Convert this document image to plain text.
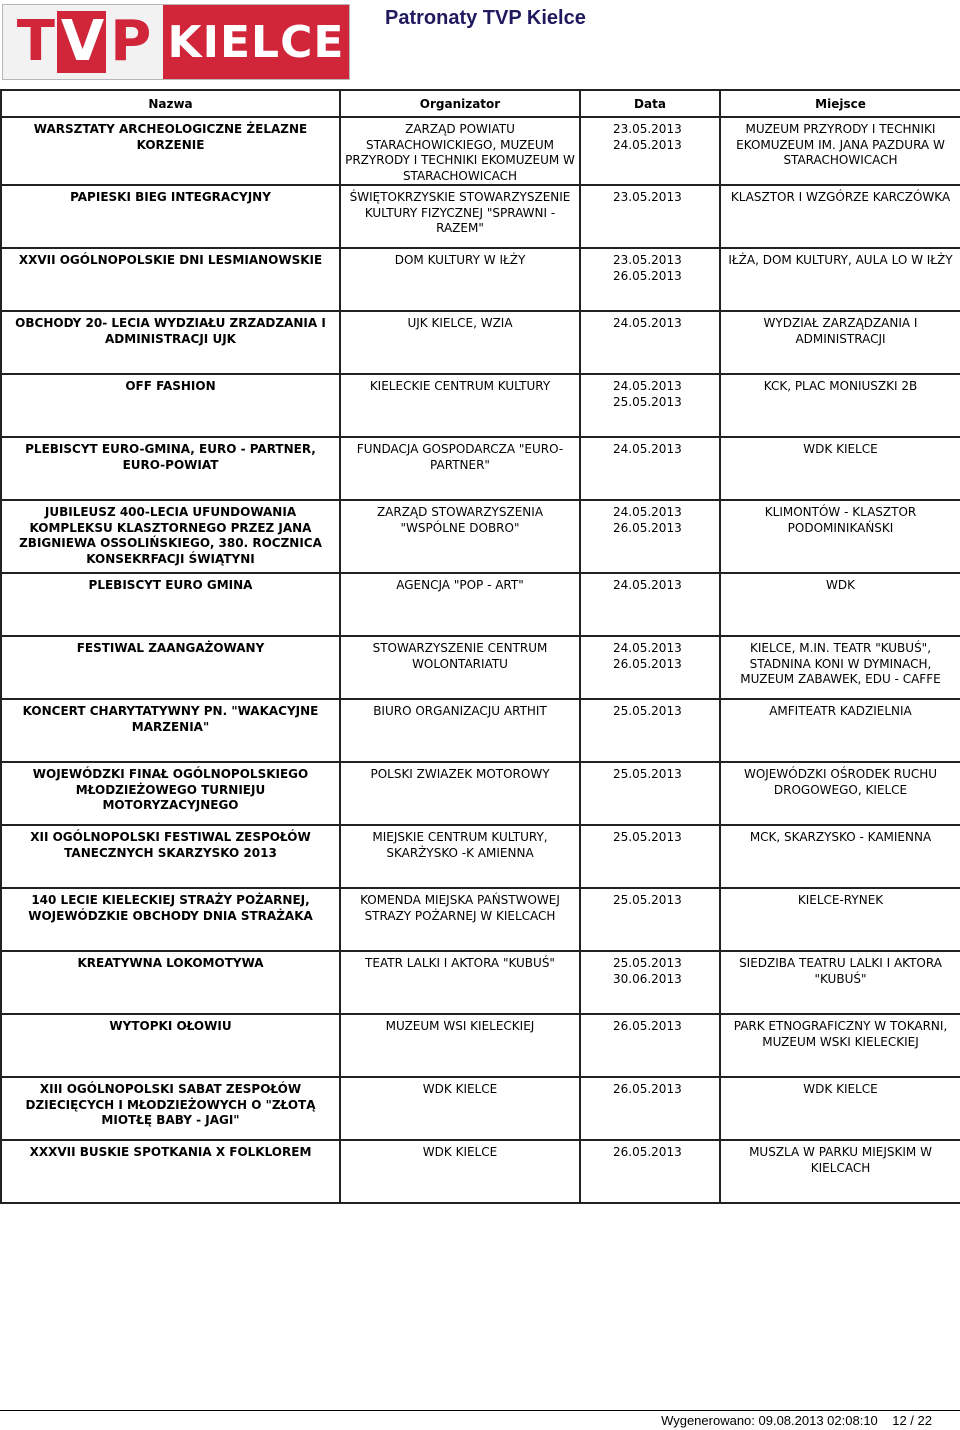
T V P KIELCE Patronaty TVP Kielce
Nazwa	Organizator	Data	Miejsce
WARSZTATY ARCHEOLOGICZNE ŻELAZNE KORZENIE	ZARZĄD POWIATU STARACHOWICKIEGO, MUZEUM PRZYRODY I TECHNIKI EKOMUZEUM W STARACHOWICACH	23.05.2013 24.05.2013	MUZEUM PRZYRODY I TECHNIKI EKOMUZEUM IM. JANA PAZDURA W STARACHOWICACH
PAPIESKI BIEG INTEGRACYJNY	ŚWIĘTOKRZYSKIE STOWARZYSZENIE KULTURY FIZYCZNEJ "SPRAWNI - RAZEM"	23.05.2013	KLASZTOR I WZGÓRZE KARCZÓWKA
XXVII OGÓLNOPOLSKIE DNI LESMIANOWSKIE	DOM KULTURY W IŁŻY	23.05.2013 26.05.2013	IŁŻA, DOM KULTURY, AULA LO W IŁŻY
OBCHODY 20- LECIA WYDZIAŁU ZRZADZANIA I ADMINISTRACJI UJK	UJK KIELCE, WZIA	24.05.2013	WYDZIAŁ ZARZĄDZANIA I ADMINISTRACJI
OFF FASHION	KIELECKIE CENTRUM KULTURY	24.05.2013 25.05.2013	KCK, PLAC MONIUSZKI 2B
PLEBISCYT EURO-GMINA, EURO - PARTNER, EURO-POWIAT	FUNDACJA GOSPODARCZA "EURO-PARTNER"	24.05.2013	WDK KIELCE
JUBILEUSZ 400-LECIA UFUNDOWANIA KOMPLEKSU KLASZTORNEGO PRZEZ JANA ZBIGNIEWA OSSOLIŃSKIEGO, 380. ROCZNICA KONSEKRFACJI ŚWIĄTYNI	ZARZĄD STOWARZYSZENIA "WSPÓLNE DOBRO"	24.05.2013 26.05.2013	KLIMONTÓW - KLASZTOR PODOMINIKAŃSKI
PLEBISCYT EURO GMINA	AGENCJA "POP - ART"	24.05.2013	WDK
FESTIWAL ZAANGAŻOWANY	STOWARZYSZENIE CENTRUM WOLONTARIATU	24.05.2013 26.05.2013	KIELCE, M.IN. TEATR "KUBUŚ", STADNINA KONI W DYMINACH, MUZEUM ZABAWEK, EDU - CAFFE
KONCERT CHARYTATYWNY PN. "WAKACYJNE MARZENIA"	BIURO ORGANIZACJU ARTHIT	25.05.2013	AMFITEATR KADZIELNIA
WOJEWÓDZKI FINAŁ OGÓLNOPOLSKIEGO MŁODZIEŻOWEGO TURNIEJU MOTORYZACYJNEGO	POLSKI ZWIAZEK MOTOROWY	25.05.2013	WOJEWÓDZKI OŚRODEK RUCHU DROGOWEGO, KIELCE
XII OGÓLNOPOLSKI FESTIWAL ZESPOŁÓW TANECZNYCH SKARZYSKO 2013	MIEJSKIE CENTRUM KULTURY, SKARŻYSKO -K AMIENNA	25.05.2013	MCK, SKARZYSKO - KAMIENNA
140 LECIE KIELECKIEJ STRAŻY POŻARNEJ, WOJEWÓDZKIE OBCHODY DNIA STRAŻAKA	KOMENDA MIEJSKA PAŃSTWOWEJ STRAZY POŻARNEJ W KIELCACH	25.05.2013	KIELCE-RYNEK
KREATYWNA LOKOMOTYWA	TEATR LALKI I AKTORA "KUBUŚ"	25.05.2013 30.06.2013	SIEDZIBA TEATRU LALKI I AKTORA "KUBUŚ"
WYTOPKI OŁOWIU	MUZEUM WSI KIELECKIEJ	26.05.2013	PARK ETNOGRAFICZNY W TOKARNI, MUZEUM WSKI KIELECKIEJ
XIII OGÓLNOPOLSKI SABAT ZESPOŁÓW DZIECIĘCYCH I MŁODZIEŻOWYCH O "ZŁOTĄ MIOTŁĘ BABY - JAGI"	WDK KIELCE	26.05.2013	WDK KIELCE
XXXVII BUSKIE SPOTKANIA X FOLKLOREM	WDK KIELCE	26.05.2013	MUSZLA W PARKU MIEJSKIM W KIELCACH
Wygenerowano: 09.08.2013 02:08:10 12 / 22
